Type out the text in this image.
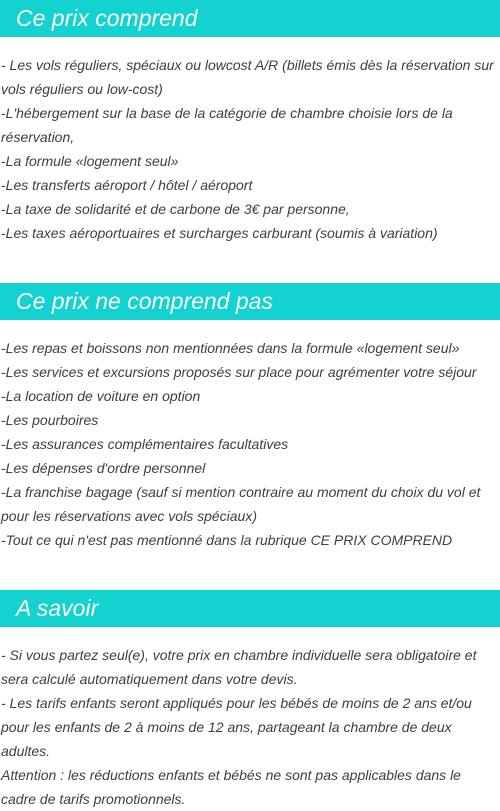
Ce prix comprend
- Les vols réguliers, spéciaux ou lowcost A/R (billets émis dès la réservation sur vols réguliers ou low-cost)
-L'hébergement sur la base de la catégorie de chambre choisie lors de la réservation,
-La formule «logement seul»
-Les transferts aéroport / hôtel / aéroport
-La taxe de solidarité et de carbone de 3€ par personne,
-Les taxes aéroportuaires et surcharges carburant (soumis à variation)
Ce prix ne comprend pas
-Les repas et boissons non mentionnées dans la formule «logement seul»
-Les services et excursions proposés sur place pour agrémenter votre séjour
-La location de voiture en option
-Les pourboires
-Les assurances complémentaires facultatives
-Les dépenses d'ordre personnel
-La franchise bagage (sauf si mention contraire au moment du choix du vol et pour les réservations avec vols spéciaux)
-Tout ce qui n'est pas mentionné dans la rubrique CE PRIX COMPREND
A savoir
- Si vous partez seul(e), votre prix en chambre individuelle sera obligatoire et sera calculé automatiquement dans votre devis.
- Les tarifs enfants seront appliqués pour les bébés de moins de 2 ans et/ou pour les enfants de 2 à moins de 12 ans, partageant la chambre de deux adultes.
Attention : les réductions enfants et bébés ne sont pas applicables dans le cadre de tarifs promotionnels.
